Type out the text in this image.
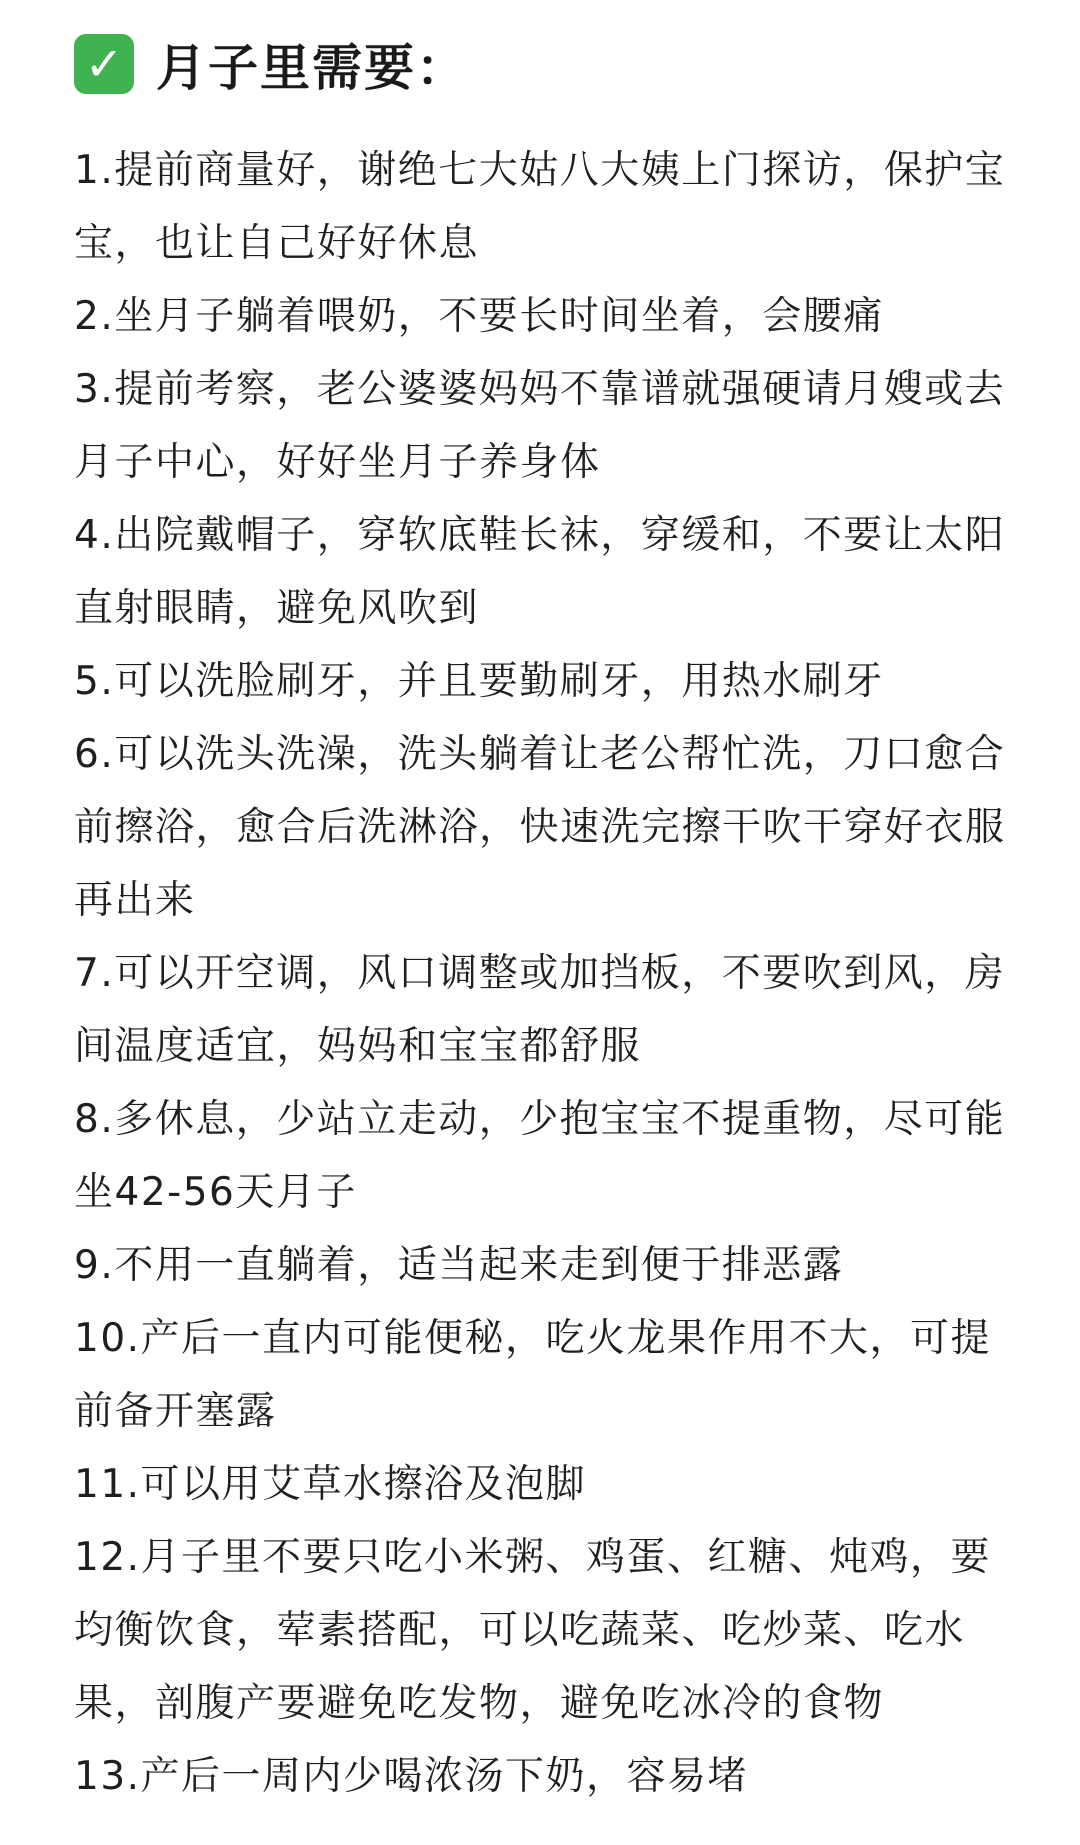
✓ 月子里需要：
1.提前商量好，谢绝七大姑八大姨上门探访，保护宝宝，也让自己好好休息
2.坐月子躺着喂奶，不要长时间坐着，会腰痛
3.提前考察，老公婆婆妈妈不靠谱就强硬请月嫂或去月子中心，好好坐月子养身体
4.出院戴帽子，穿软底鞋长袜，穿缓和，不要让太阳直射眼睛，避免风吹到
5.可以洗脸刷牙，并且要勤刷牙，用热水刷牙
6.可以洗头洗澡，洗头躺着让老公帮忙洗，刀口愈合前擦浴，愈合后洗淋浴，快速洗完擦干吹干穿好衣服再出来
7.可以开空调，风口调整或加挡板，不要吹到风，房间温度适宜，妈妈和宝宝都舒服
8.多休息，少站立走动，少抱宝宝不提重物，尽可能坐42-56天月子
9.不用一直躺着，适当起来走到便于排恶露
10.产后一直内可能便秘，吃火龙果作用不大，可提前备开塞露
11.可以用艾草水擦浴及泡脚
12.月子里不要只吃小米粥、鸡蛋、红糖、炖鸡，要均衡饮食，荤素搭配，可以吃蔬菜、吃炒菜、吃水果，剖腹产要避免吃发物，避免吃冰冷的食物
13.产后一周内少喝浓汤下奶，容易堵
